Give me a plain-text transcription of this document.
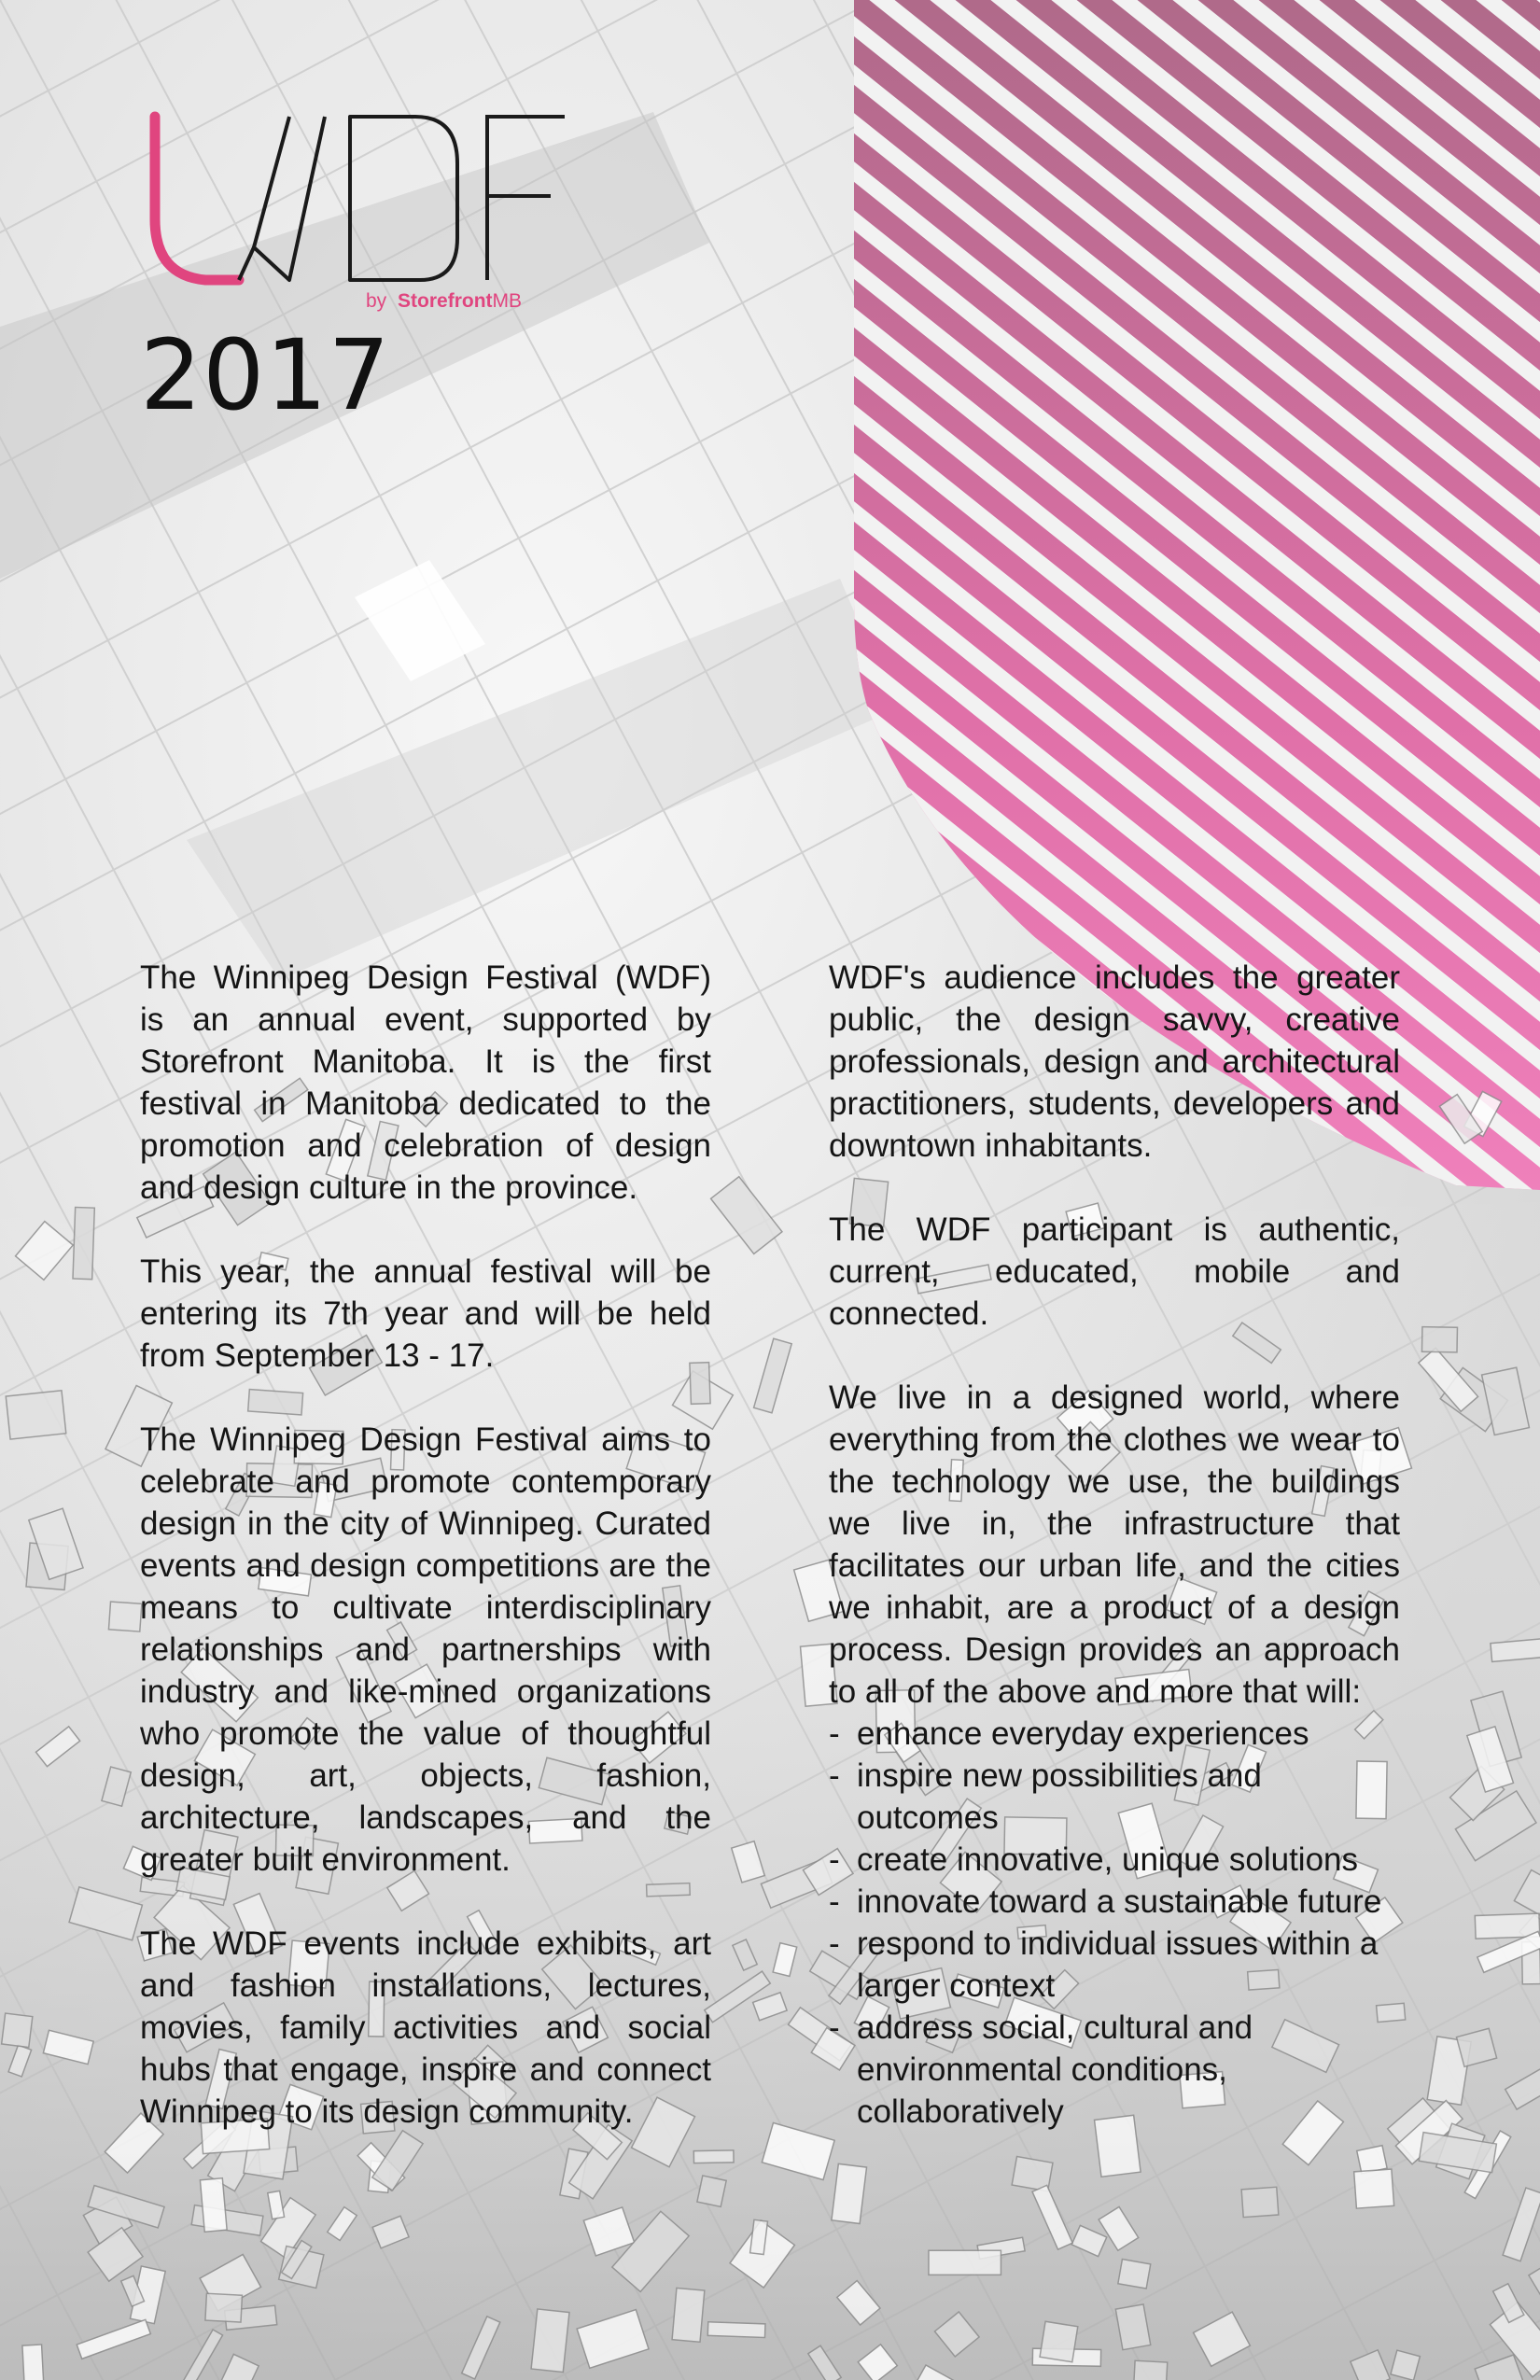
by StorefrontMB
2017

The Winnipeg Design Festival (WDF) is an annual event, supported by Storefront Manitoba. It is the first festival in Manitoba dedicated to the promotion and celebration of design and design culture in the province.

This year, the annual festival will be entering its 7th year and will be held from September 13 - 17.

The Winnipeg Design Festival aims to celebrate and promote contemporary design in the city of Winnipeg. Curated events and design competitions are the means to cultivate interdisciplinary relationships and partnerships with industry and like-mined organizations who promote the value of thoughtful design, art, objects, fashion, architecture, landscapes, and the greater built environment.

The WDF events include exhibits, art and fashion installations, lectures, movies, family activities and social hubs that engage, inspire and connect Winnipeg to its design community.

WDF's audience includes the greater public, the design savvy, creative professionals, design and architectural practitioners, students, developers and downtown inhabitants.

The WDF participant is authentic, current, educated, mobile and connected.

We live in a designed world, where everything from the clothes we wear to the technology we use, the buildings we live in, the infrastructure that facilitates our urban life, and the cities we inhabit, are a product of a design process. Design provides an approach to all of the above and more that will:

- enhance everyday experiences
- inspire new possibilities and outcomes
- create innovative, unique solutions
- innovate toward a sustainable future
- respond to individual issues within a larger context
- address social, cultural and environmental conditions, collaboratively
